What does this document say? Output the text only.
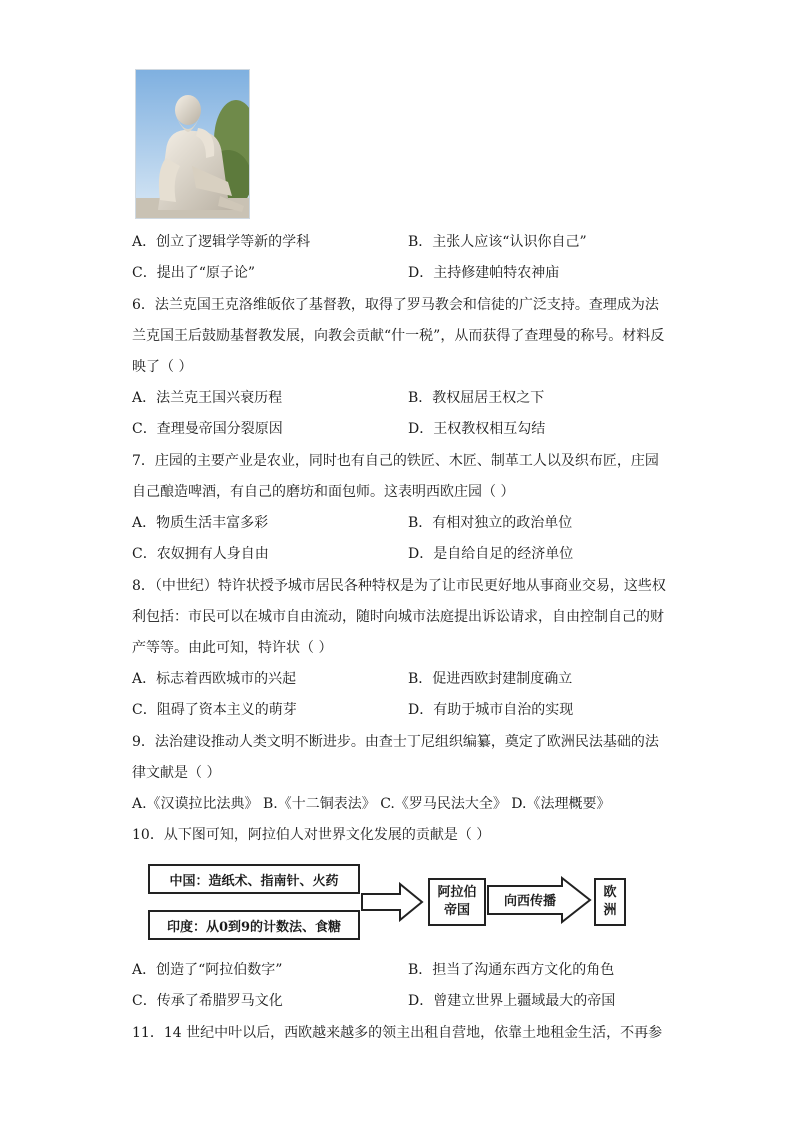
A．创立了逻辑学等新的学科	B．主张人应该“认识你自己”
C．提出了“原子论”	D．主持修建帕特农神庙
6．法兰克国王克洛维皈依了基督教，取得了罗马教会和信徒的广泛支持。查理成为法
兰克国王后鼓励基督教发展，向教会贡献“什一税”，从而获得了查理曼的称号。材料反
映了（ ）
A．法兰克王国兴衰历程	B．教权屈居王权之下
C．查理曼帝国分裂原因	D．王权教权相互勾结
7．庄园的主要产业是农业，同时也有自己的铁匠、木匠、制革工人以及织布匠，庄园
自己酿造啤酒，有自己的磨坊和面包师。这表明西欧庄园（ ）
A．物质生活丰富多彩	B．有相对独立的政治单位
C．农奴拥有人身自由	D．是自给自足的经济单位
8．（中世纪）特许状授予城市居民各种特权是为了让市民更好地从事商业交易，这些权
利包括：市民可以在城市自由流动，随时向城市法庭提出诉讼请求，自由控制自己的财
产等等。由此可知，特许状（ ）
A．标志着西欧城市的兴起	B．促进西欧封建制度确立
C．阻碍了资本主义的萌芽	D．有助于城市自治的实现
9．法治建设推动人类文明不断进步。由查士丁尼组织编纂，奠定了欧洲民法基础的法
律文献是（ ）
A.《汉谟拉比法典》 B.《十二铜表法》 C.《罗马民法大全》 D.《法理概要》
10．从下图可知，阿拉伯人对世界文化发展的贡献是（ ）
中国：造纸术、指南针、火药
印度：从0到9的计数法、食糖
阿拉伯
帝国
向西传播
欧
洲
A．创造了“阿拉伯数字”	B．担当了沟通东西方文化的角色
C．传承了希腊罗马文化	D．曾建立世界上疆域最大的帝国
11．14 世纪中叶以后，西欧越来越多的领主出租自营地，依靠土地租金生活，不再参
